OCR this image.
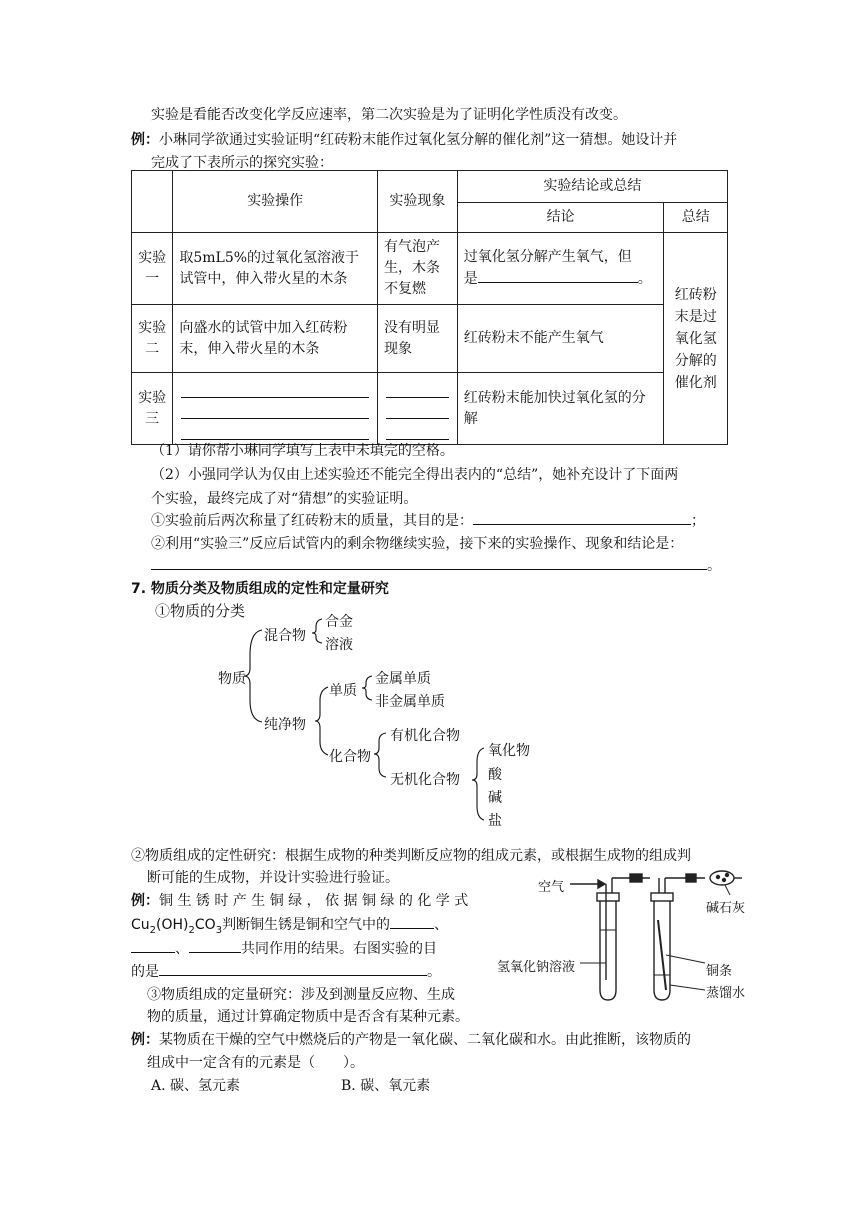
实验是看能否改变化学反应速率，第二次实验是为了证明化学性质没有改变。
例：小琳同学欲通过实验证明“红砖粉末能作过氧化氢分解的催化剂”这一猜想。她设计并
完成了下表所示的探究实验：
	实验操作	实验现象	实验结论或总结	
			结论	总结
实验一	取5mL5%的过氧化氢溶液于试管中，伸入带火星的木条	有气泡产生，木条不复燃	过氧化氢分解产生氧气，但
是 。	红砖粉末是过氧化氢分解的催化剂
实验二	向盛水的试管中加入红砖粉末，伸入带火星的木条	没有明显现象	红砖粉末不能产生氧气	
实验三			红砖粉末能加快过氧化氢的分解	
（1）请你帮小琳同学填写上表中未填完的空格。
（2）小强同学认为仅由上述实验还不能完全得出表内的“总结”，她补充设计了下面两
个实验，最终完成了对“猜想”的实验证明。
①实验前后两次称量了红砖粉末的质量，其目的是：	；
②利用“实验三”反应后试管内的剩余物继续实验，接下来的实验操作、现象和结论是：
。
7. 物质分类及物质组成的定性和定量研究
①物质的分类
物质
混合物
合金
溶液
纯净物
单质
金属单质
非金属单质
化合物
有机化合物
无机化合物
氧化物
酸
碱
盐
②物质组成的定性研究：根据生成物的种类判断反应物的组成元素，或根据生成物的组成判
断可能的生成物，并设计实验进行验证。
例：铜 生 锈 时 产 生 铜 绿 ， 依 据 铜 绿 的 化 学 式
$Cu_2(OH)_2CO_3$判断铜生锈是铜和空气中的	、
、	共同作用的结果。右图实验的目
的是	。
③物质组成的定量研究：涉及到测量反应物、生成
物的质量，通过计算确定物质中是否含有某种元素。
空气
碱石灰
氢氧化钠溶液	铜条
蒸馏水
例：某物质在干燥的空气中燃烧后的产物是一氧化碳、二氧化碳和水。由此推断，该物质的
组成中一定含有的元素是（　　）。
A. 碳、氢元素	B. 碳、氧元素
